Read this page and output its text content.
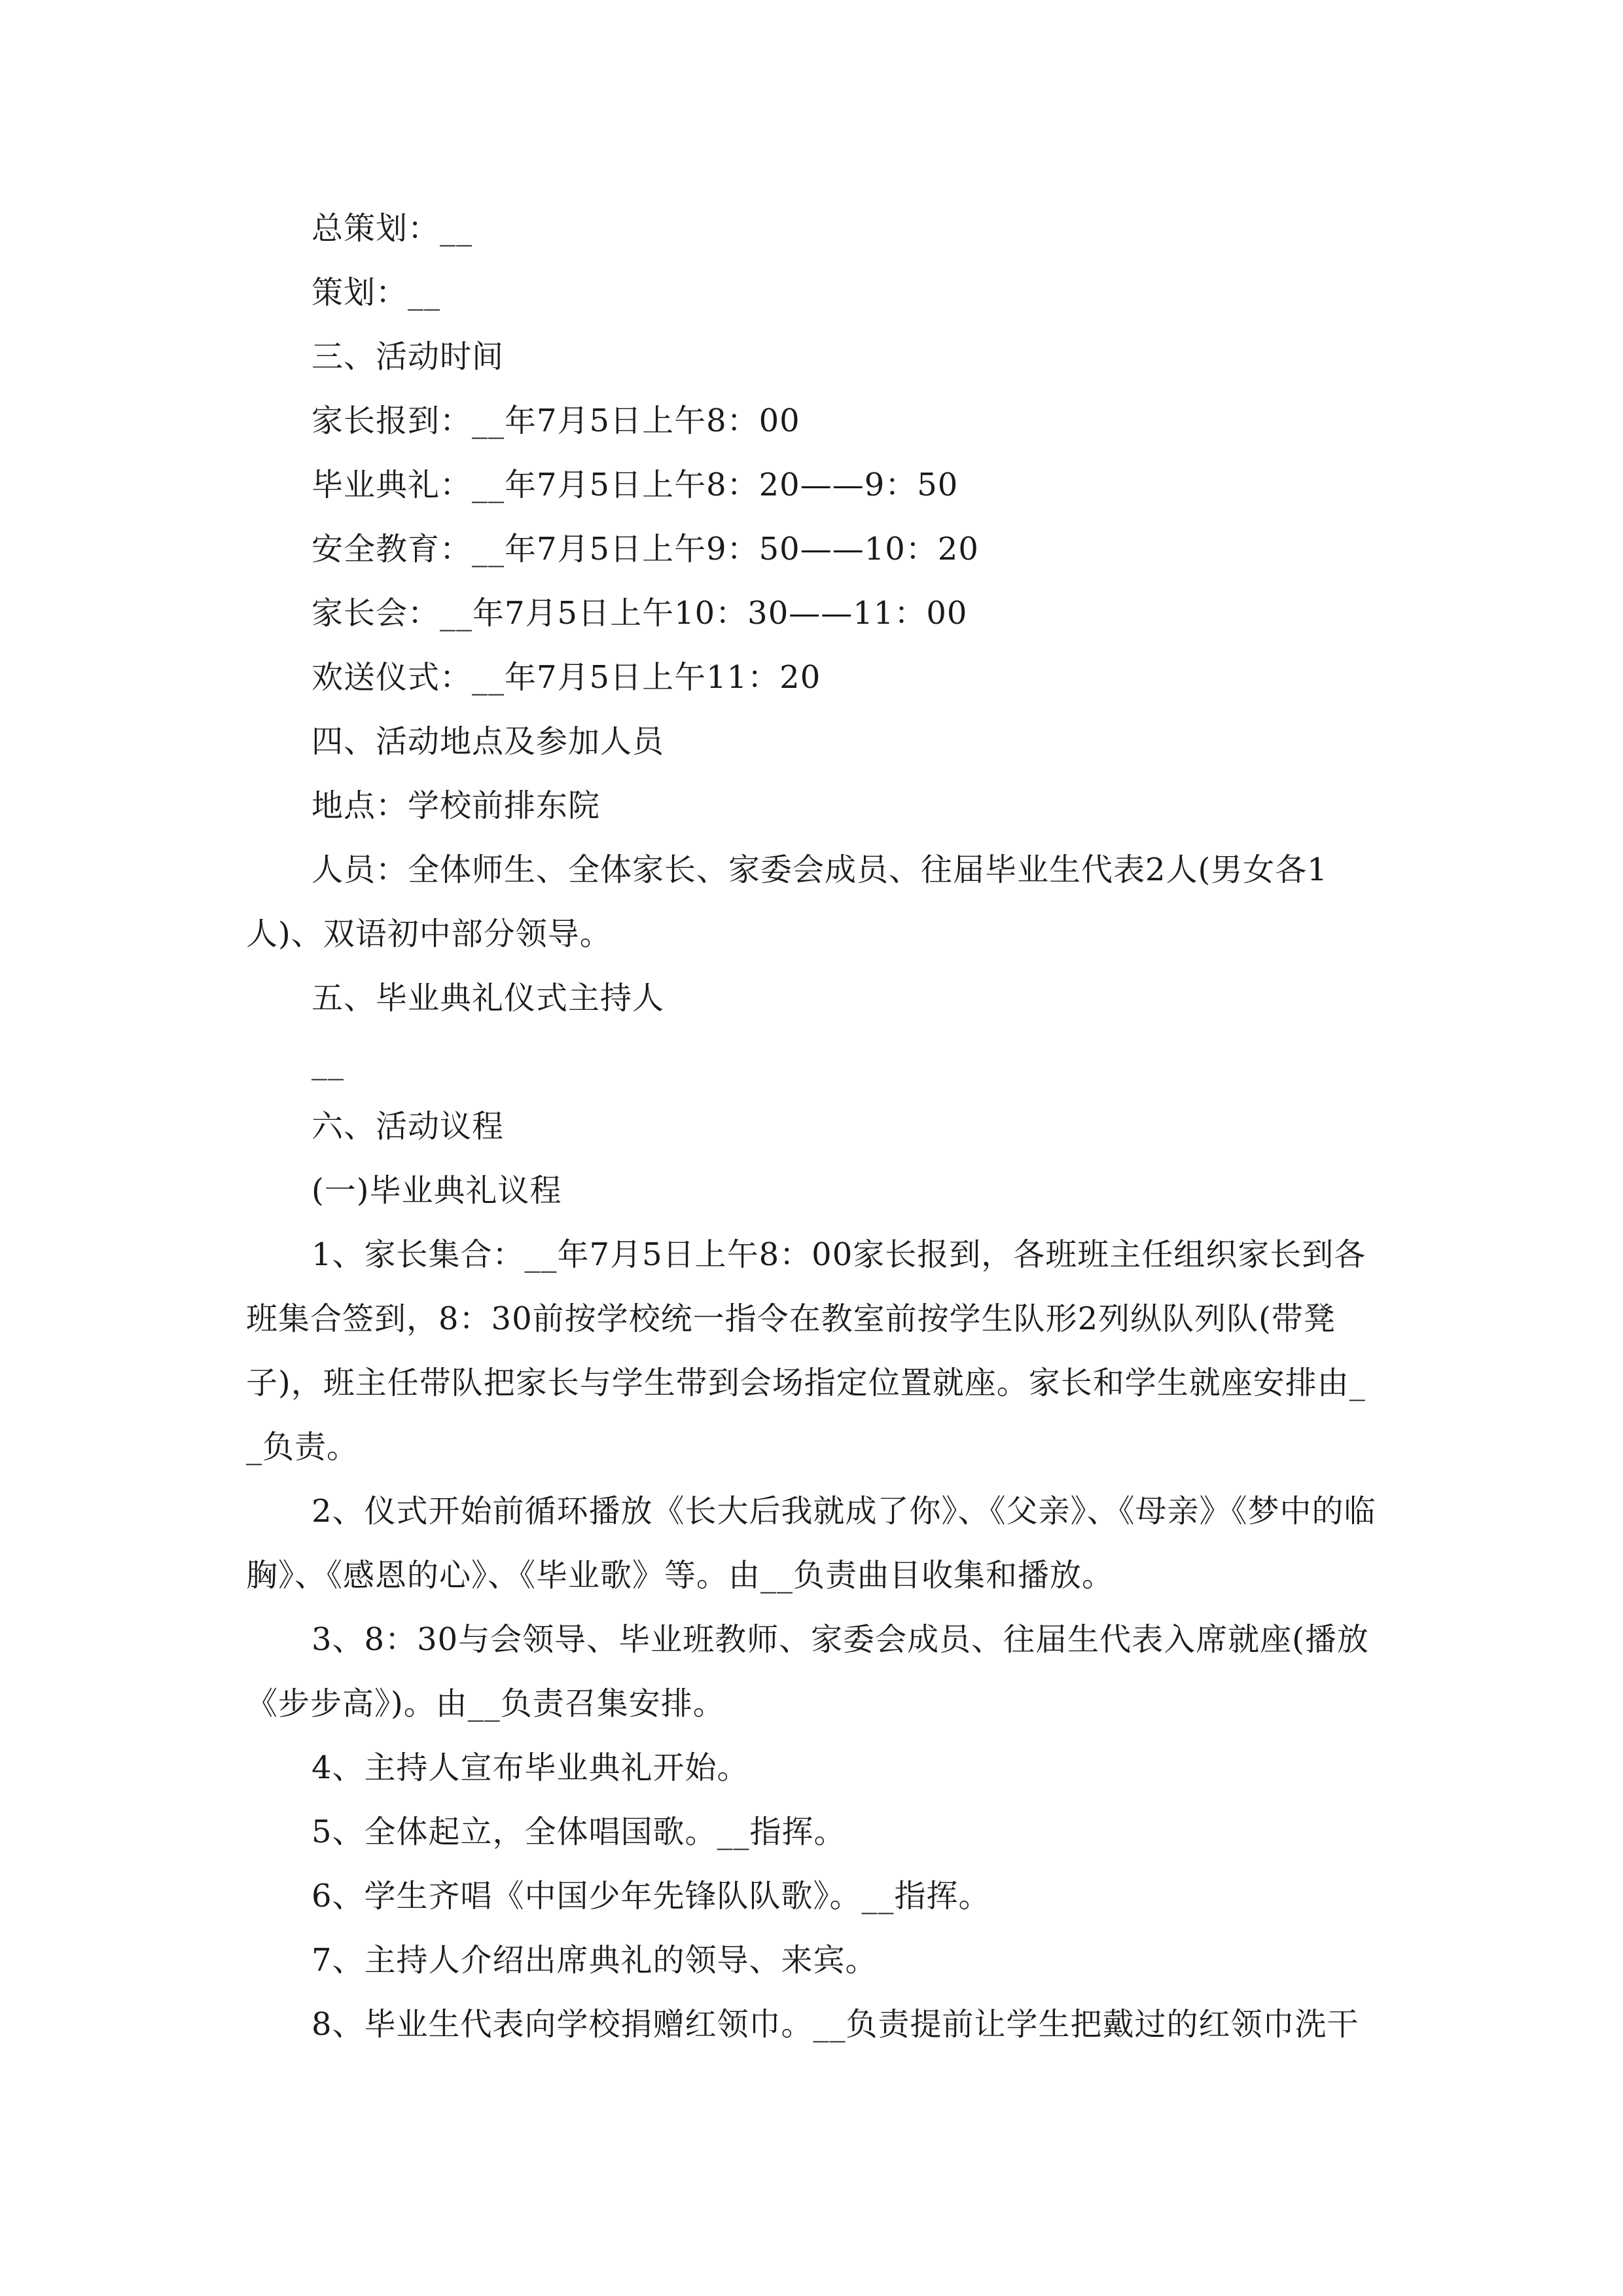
总策划：__

策划：__

三、活动时间

家长报到：__年7月5日上午8：00

毕业典礼：__年7月5日上午8：20——9：50

安全教育：__年7月5日上午9：50——10：20

家长会：__年7月5日上午10：30——11：00

欢送仪式：__年7月5日上午11：20

四、活动地点及参加人员

地点：学校前排东院

人员：全体师生、全体家长、家委会成员、往届毕业生代表2人(男女各1人)、双语初中部分领导。

五、毕业典礼仪式主持人

__

六、活动议程

(一)毕业典礼议程

1、家长集合：__年7月5日上午8：00家长报到，各班班主任组织家长到各班集合签到，8：30前按学校统一指令在教室前按学生队形2列纵队列队(带凳子)，班主任带队把家长与学生带到会场指定位置就座。家长和学生就座安排由__负责。

2、仪式开始前循环播放《长大后我就成了你》、《父亲》、《母亲》《梦中的临胸》、《感恩的心》、《毕业歌》等。由__负责曲目收集和播放。

3、8：30与会领导、毕业班教师、家委会成员、往届生代表入席就座(播放《步步高》)。由__负责召集安排。

4、主持人宣布毕业典礼开始。

5、全体起立，全体唱国歌。__指挥。

6、学生齐唱《中国少年先锋队队歌》。__指挥。

7、主持人介绍出席典礼的领导、来宾。

8、毕业生代表向学校捐赠红领巾。__负责提前让学生把戴过的红领巾洗干
